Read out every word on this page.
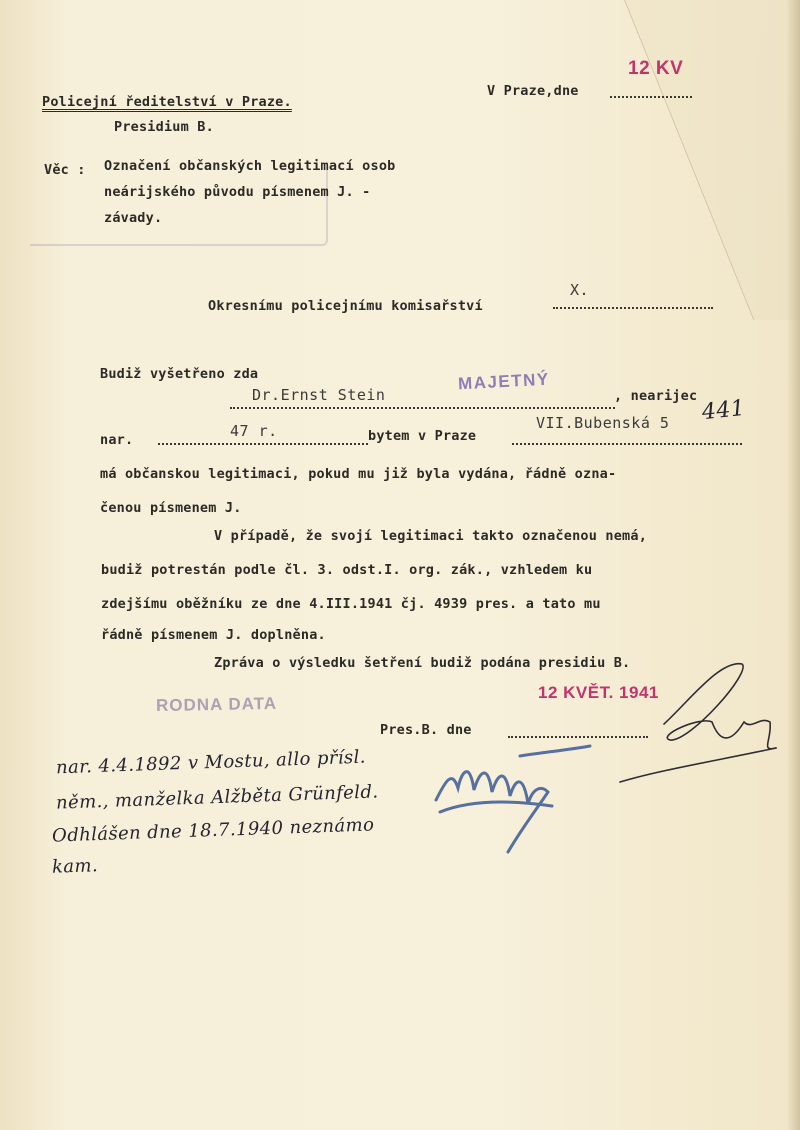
Policejní ředitelství v Praze.
Presidium B.
V Praze,dne
12 KV
Věc : Označení občanských legitimací osob
neárijského původu písmenem J. -
závady.
Okresnímu policejnímu komisařství
X.
Budiž vyšetřeno zda
Dr.Ernst Stein
MAJETNÝ
, nearijec
nar.	47 r.	bytem v Praze
VII.Bubenská 5 441
má občanskou legitimaci, pokud mu již byla vydána, řádně ozna-
čenou písmenem J.
V případě, že svojí legitimaci takto označenou nemá,
budiž potrestán podle čl. 3. odst.I. org. zák., vzhledem ku
zdejšímu oběžníku ze dne 4.III.1941 čj. 4939 pres. a tato mu
řádně písmenem J. doplněna.
Zpráva o výsledku šetření budiž podána presidiu B.
RODNA DATA
12 KVĚT. 1941
Pres.B. dne
nar. 4.4.1892 v Mostu, allo přísl.
něm., manželka Alžběta Grünfeld.
Odhlášen dne 18.7.1940 neznámo
kam.
